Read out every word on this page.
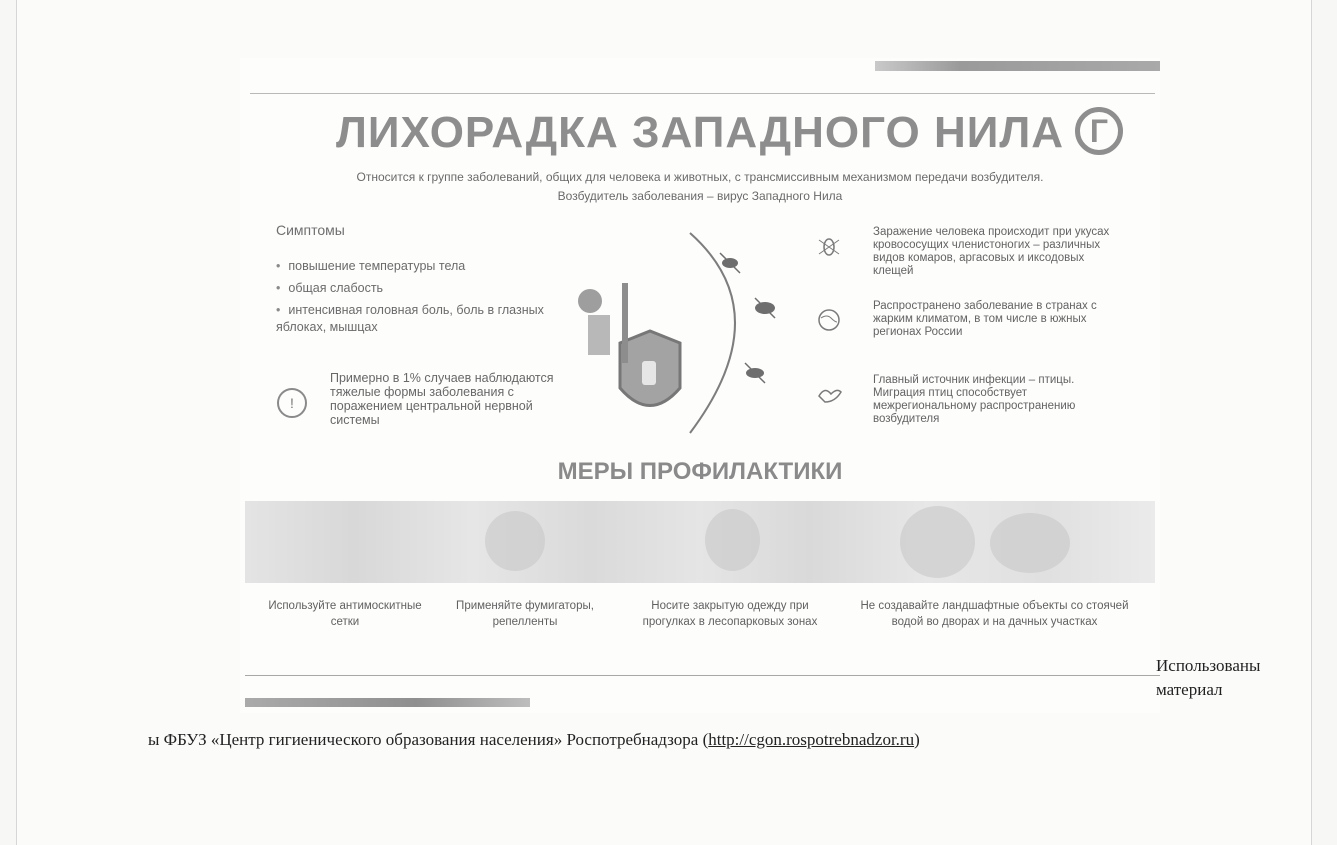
ЛИХОРАДКА ЗАПАДНОГО НИЛА Г
Относится к группе заболеваний, общих для человека и животных, с трансмиссивным механизмом передачи возбудителя.
Возбудитель заболевания – вирус Западного Нила
Симптомы
• повышение температуры тела
• общая слабость
• интенсивная головная боль, боль в глазных яблоках, мышцах
!
Примерно в 1% случаев наблюдаются тяжелые формы заболевания с поражением центральной нервной системы
Заражение человека происходит при укусах кровососущих членистоногих – различных видов комаров, аргасовых и иксодовых клещей
Распространено заболевание в странах с жарким климатом, в том числе в южных регионах России
Главный источник инфекции – птицы. Миграция птиц способствует межрегиональному распространению возбудителя
МЕРЫ ПРОФИЛАКТИКИ
Используйте антимоскитные сетки
Применяйте фумигаторы, репелленты
Носите закрытую одежду при прогулках в лесопарковых зонах
Не создавайте ландшафтные объекты со стоячей водой во дворах и на дачных участках
Использованы материал
ы ФБУЗ «Центр гигиенического образования населения» Роспотребнадзора (http://cgon.rospotrebnadzor.ru)
